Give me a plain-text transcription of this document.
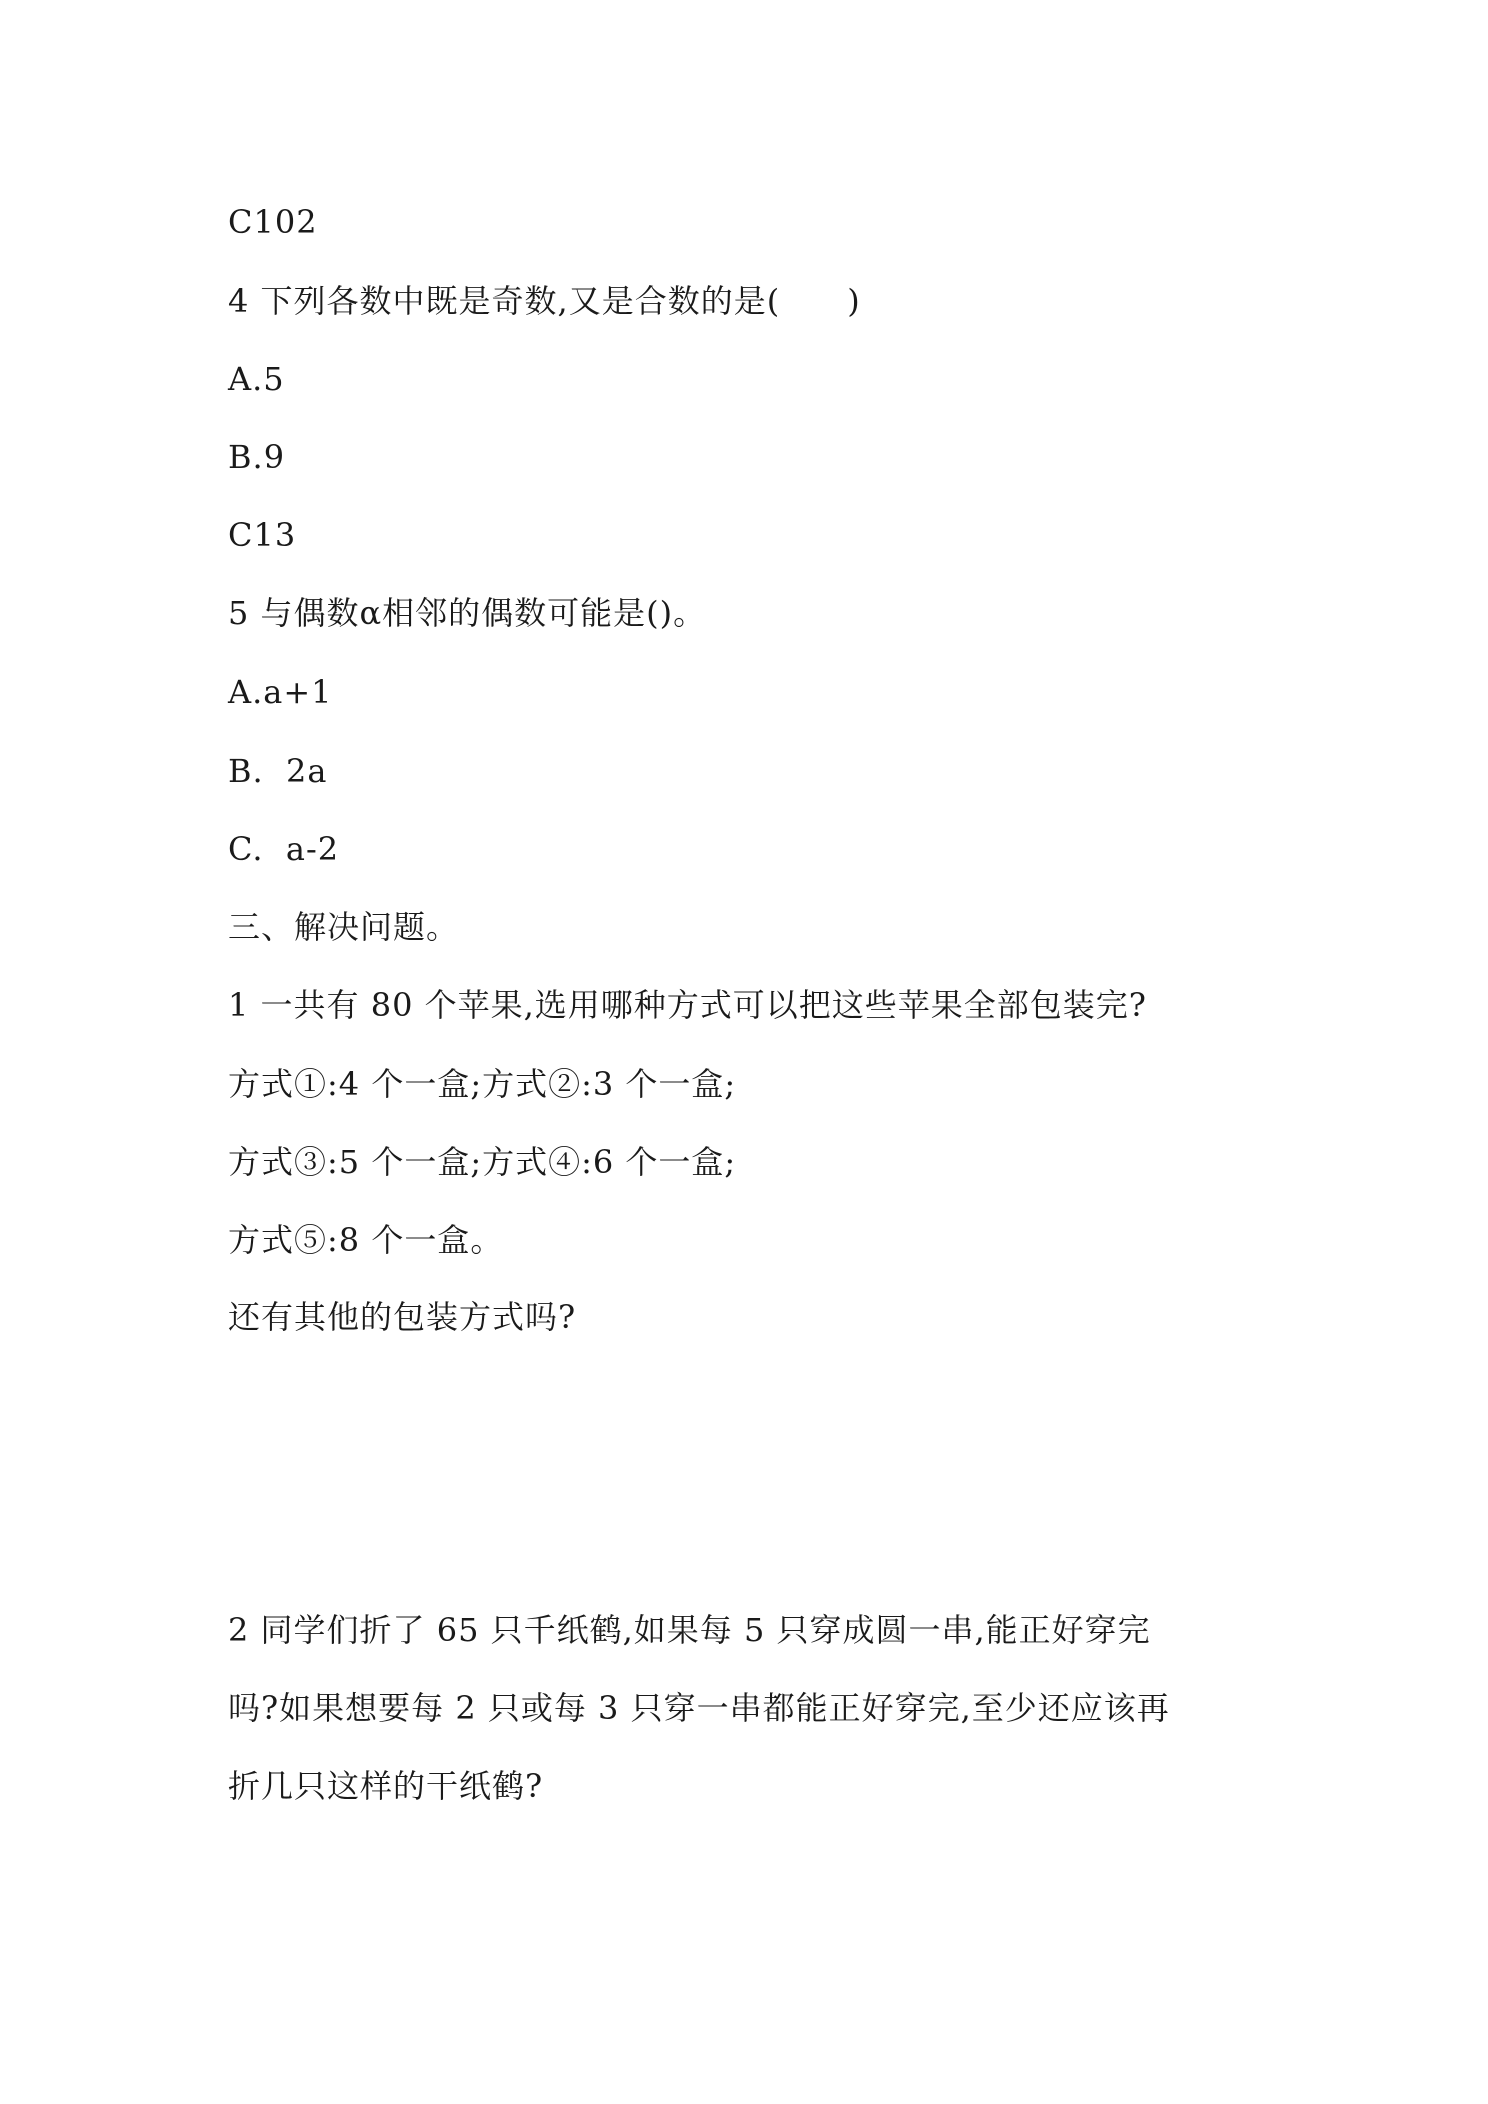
C102
4 下列各数中既是奇数,又是合数的是(      )
A.5
B.9
C13
5 与偶数α相邻的偶数可能是()。
A.a+1
B.  2a
C.  a-2
三、解决问题。
1 一共有 80 个苹果,选用哪种方式可以把这些苹果全部包装完?
方式①:4 个一盒;方式②:3 个一盒;
方式③:5 个一盒;方式④:6 个一盒;
方式⑤:8 个一盒。
还有其他的包装方式吗?
2 同学们折了 65 只千纸鹤,如果每 5 只穿成圆一串,能正好穿完
吗?如果想要每 2 只或每 3 只穿一串都能正好穿完,至少还应该再
折几只这样的干纸鹤?
